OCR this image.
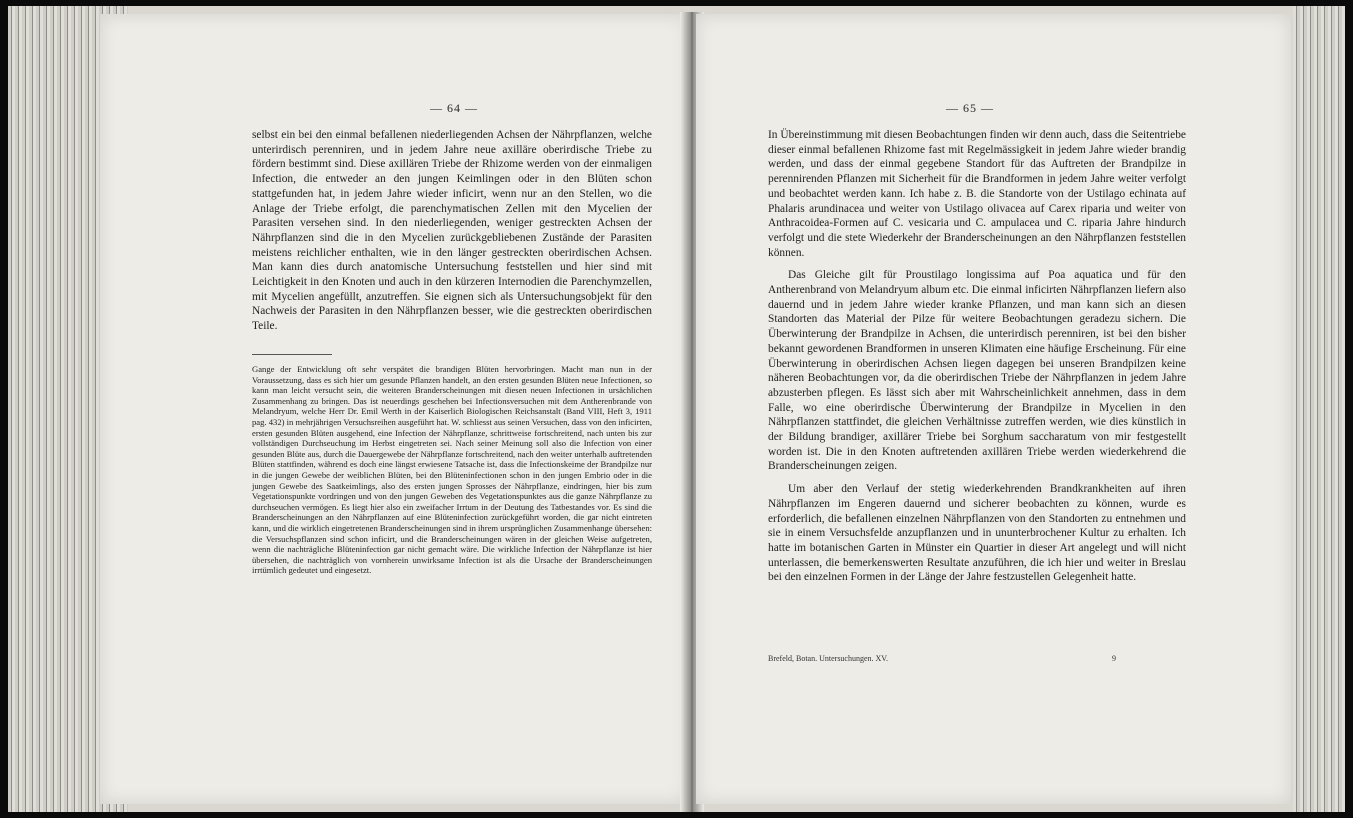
— 64 —

selbst ein bei den einmal befallenen niederliegenden Achsen der Nährpflanzen, welche unterirdisch perenniren, und in jedem Jahre neue axilläre oberirdische Triebe zu fördern bestimmt sind. Diese axillären Triebe der Rhizome werden von der einmaligen Infection, die entweder an den jungen Keimlingen oder in den Blüten schon stattgefunden hat, in jedem Jahre wieder inficirt, wenn nur an den Stellen, wo die Anlage der Triebe erfolgt, die parenchymatischen Zellen mit den Mycelien der Parasiten versehen sind. In den niederliegenden, weniger gestreckten Achsen der Nährpflanzen sind die in den Mycelien zurückgebliebenen Zustände der Parasiten meistens reichlicher enthalten, wie in den länger gestreckten oberirdischen Achsen. Man kann dies durch anatomische Untersuchung feststellen und hier sind mit Leichtigkeit in den Knoten und auch in den kürzeren Internodien die Parenchymzellen, mit Mycelien angefüllt, anzutreffen. Sie eignen sich als Untersuchungsobjekt für den Nachweis der Parasiten in den Nährpflanzen besser, wie die gestreckten oberirdischen Teile.

Gange der Entwicklung oft sehr verspätet die brandigen Blüten hervorbringen. Macht man nun in der Voraussetzung, dass es sich hier um gesunde Pflanzen handelt, an den ersten gesunden Blüten neue Infectionen, so kann man leicht versucht sein, die weiteren Branderscheinungen mit diesen neuen Infectionen in ursächlichen Zusammenhang zu bringen. Das ist neuerdings geschehen bei Infectionsversuchen mit dem Antherenbrande von Melandryum, welche Herr Dr. Emil Werth in der Kaiserlich Biologischen Reichsanstalt (Band VIII, Heft 3, 1911 pag. 432) in mehrjährigen Versuchsreihen ausgeführt hat. W. schliesst aus seinen Versuchen, dass von den inficirten, ersten gesunden Blüten ausgehend, eine Infection der Nährpflanze, schrittweise fortschreitend, nach unten bis zur vollständigen Durchseuchung im Herbst eingetreten sei. Nach seiner Meinung soll also die Infection von einer gesunden Blüte aus, durch die Dauergewebe der Nährpflanze fortschreitend, nach den weiter unterhalb auftretenden Blüten stattfinden, während es doch eine längst erwiesene Tatsache ist, dass die Infectionskeime der Brandpilze nur in die jungen Gewebe der weiblichen Blüten, bei den Blüteninfectionen schon in den jungen Embrio oder in die jungen Gewebe des Saatkeimlings, also des ersten jungen Sprosses der Nährpflanze, eindringen, hier bis zum Vegetationspunkte vordringen und von den jungen Geweben des Vegetationspunktes aus die ganze Nährpflanze zu durchseuchen vermögen. Es liegt hier also ein zweifacher Irrtum in der Deutung des Tatbestandes vor. Es sind die Branderscheinungen an den Nährpflanzen auf eine Blüteninfection zurückgeführt worden, die gar nicht eintreten kann, und die wirklich eingetretenen Branderscheinungen sind in ihrem ursprünglichen Zusammenhange übersehen: die Versuchspflanzen sind schon inficirt, und die Branderscheinungen wären in der gleichen Weise aufgetreten, wenn die nachträgliche Blüteninfection gar nicht gemacht wäre. Die wirkliche Infection der Nährpflanze ist hier übersehen, die nachträglich von vornherein unwirksame Infection ist als die Ursache der Branderscheinungen irrtümlich gedeutet und eingesetzt.

— 65 —

In Übereinstimmung mit diesen Beobachtungen finden wir denn auch, dass die Seitentriebe dieser einmal befallenen Rhizome fast mit Regelmässigkeit in jedem Jahre wieder brandig werden, und dass der einmal gegebene Standort für das Auftreten der Brandpilze in perennirenden Pflanzen mit Sicherheit für die Brandformen in jedem Jahre weiter verfolgt und beobachtet werden kann. Ich habe z. B. die Standorte von der Ustilago echinata auf Phalaris arundinacea und weiter von Ustilago olivacea auf Carex riparia und weiter von Anthracoidea-Formen auf C. vesicaria und C. ampulacea und C. riparia Jahre hindurch verfolgt und die stete Wiederkehr der Branderscheinungen an den Nährpflanzen feststellen können.

Das Gleiche gilt für Proustilago longissima auf Poa aquatica und für den Antherenbrand von Melandryum album etc. Die einmal inficirten Nährpflanzen liefern also dauernd und in jedem Jahre wieder kranke Pflanzen, und man kann sich an diesen Standorten das Material der Pilze für weitere Beobachtungen geradezu sichern. Die Überwinterung der Brandpilze in Achsen, die unterirdisch perenniren, ist bei den bisher bekannt gewordenen Brandformen in unseren Klimaten eine häufige Erscheinung. Für eine Überwinterung in oberirdischen Achsen liegen dagegen bei unseren Brandpilzen keine näheren Beobachtungen vor, da die oberirdischen Triebe der Nährpflanzen in jedem Jahre abzusterben pflegen. Es lässt sich aber mit Wahrscheinlichkeit annehmen, dass in dem Falle, wo eine oberirdische Überwinterung der Brandpilze in Mycelien in den Nährpflanzen stattfindet, die gleichen Verhältnisse zutreffen werden, wie dies künstlich in der Bildung brandiger, axillärer Triebe bei Sorghum saccharatum von mir festgestellt worden ist. Die in den Knoten auftretenden axillären Triebe werden wiederkehrend die Branderscheinungen zeigen.

Um aber den Verlauf der stetig wiederkehrenden Brandkrankheiten auf ihren Nährpflanzen im Engeren dauernd und sicherer beobachten zu können, wurde es erforderlich, die befallenen einzelnen Nährpflanzen von den Standorten zu entnehmen und sie in einem Versuchsfelde anzupflanzen und in ununterbrochener Kultur zu erhalten. Ich hatte im botanischen Garten in Münster ein Quartier in dieser Art angelegt und will nicht unterlassen, die bemerkenswerten Resultate anzuführen, die ich hier und weiter in Breslau bei den einzelnen Formen in der Länge der Jahre festzustellen Gelegenheit hatte.

Brefeld, Botan. Untersuchungen. XV.	9
